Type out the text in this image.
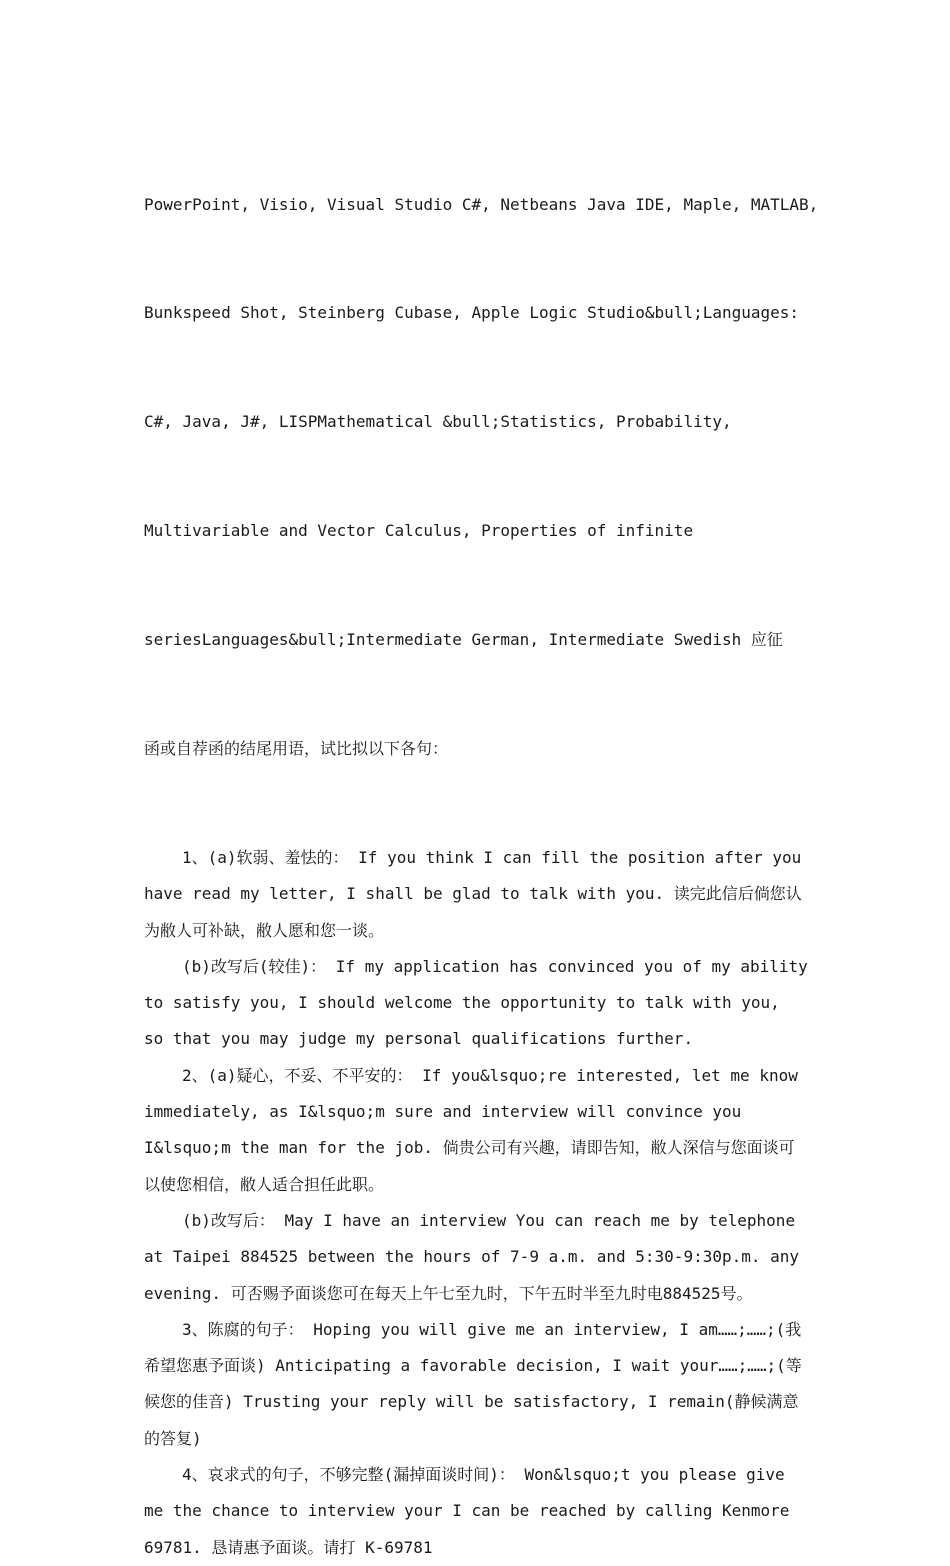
PowerPoint, Visio, Visual Studio C#, Netbeans Java IDE, Maple, MATLAB,

Bunkspeed Shot, Steinberg Cubase, Apple Logic Studio&bull;Languages:

C#, Java, J#, LISPMathematical &bull;Statistics, Probability,

Multivariable and Vector Calculus, Properties of infinite

seriesLanguages&bull;Intermediate German, Intermediate Swedish 应征

函或自荐函的结尾用语，试比拟以下各句：

1、(a)软弱、羞怯的： If you think I can fill the position after you have read my letter, I shall be glad to talk with you. 读完此信后倘您认为敝人可补缺，敝人愿和您一谈。

(b)改写后(较佳)： If my application has convinced you of my ability to satisfy you, I should welcome the opportunity to talk with you, so that you may judge my personal qualifications further.

2、(a)疑心，不妥、不平安的： If you&lsquo;re interested, let me know immediately, as I&lsquo;m sure and interview will convince you I&lsquo;m the man for the job. 倘贵公司有兴趣，请即告知，敝人深信与您面谈可以使您相信，敝人适合担任此职。

(b)改写后： May I have an interview You can reach me by telephone at Taipei 884525 between the hours of 7-9 a.m. and 5:30-9:30p.m. any evening. 可否赐予面谈您可在每天上午七至九时，下午五时半至九时电884525号。

3、陈腐的句子： Hoping you will give me an interview, I am……;……;(我希望您惠予面谈) Anticipating a favorable decision, I wait your……;……;(等候您的佳音) Trusting your reply will be satisfactory, I remain(静候满意的答复)

4、哀求式的句子，不够完整(漏掉面谈时间)： Won&lsquo;t you please give me the chance to interview your I can be reached by calling Kenmore 69781. 恳请惠予面谈。请打 K-69781
